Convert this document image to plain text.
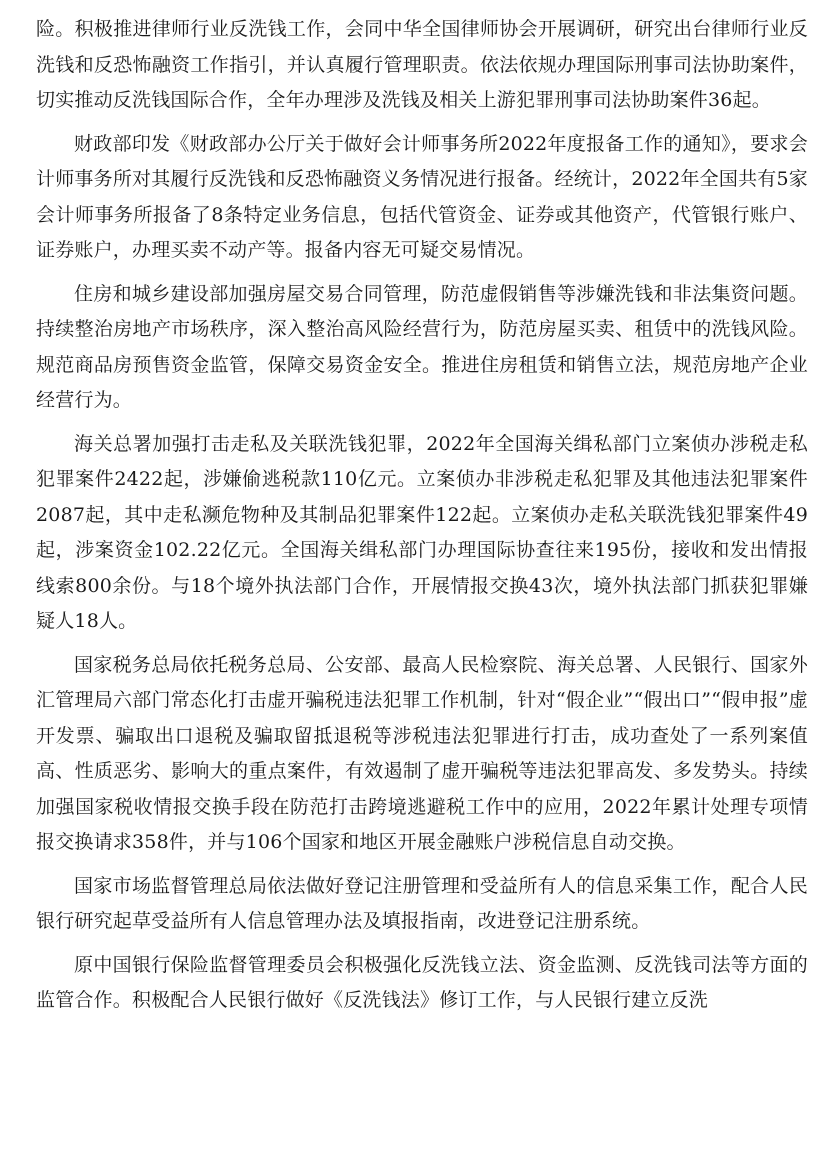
险。积极推进律师行业反洗钱工作，会同中华全国律师协会开展调研，研究出台律师行业反洗钱和反恐怖融资工作指引，并认真履行管理职责。依法依规办理国际刑事司法协助案件，切实推动反洗钱国际合作，全年办理涉及洗钱及相关上游犯罪刑事司法协助案件36起。

财政部印发《财政部办公厅关于做好会计师事务所2022年度报备工作的通知》，要求会计师事务所对其履行反洗钱和反恐怖融资义务情况进行报备。经统计，2022年全国共有5家会计师事务所报备了8条特定业务信息，包括代管资金、证券或其他资产，代管银行账户、证券账户，办理买卖不动产等。报备内容无可疑交易情况。

住房和城乡建设部加强房屋交易合同管理，防范虚假销售等涉嫌洗钱和非法集资问题。持续整治房地产市场秩序，深入整治高风险经营行为，防范房屋买卖、租赁中的洗钱风险。规范商品房预售资金监管，保障交易资金安全。推进住房租赁和销售立法，规范房地产企业经营行为。

海关总署加强打击走私及关联洗钱犯罪，2022年全国海关缉私部门立案侦办涉税走私犯罪案件2422起，涉嫌偷逃税款110亿元。立案侦办非涉税走私犯罪及其他违法犯罪案件2087起，其中走私濒危物种及其制品犯罪案件122起。立案侦办走私关联洗钱犯罪案件49起，涉案资金102.22亿元。全国海关缉私部门办理国际协查往来195份，接收和发出情报线索800余份。与18个境外执法部门合作，开展情报交换43次，境外执法部门抓获犯罪嫌疑人18人。

国家税务总局依托税务总局、公安部、最高人民检察院、海关总署、人民银行、国家外汇管理局六部门常态化打击虚开骗税违法犯罪工作机制，针对“假企业”“假出口”“假申报”虚开发票、骗取出口退税及骗取留抵退税等涉税违法犯罪进行打击，成功查处了一系列案值高、性质恶劣、影响大的重点案件，有效遏制了虚开骗税等违法犯罪高发、多发势头。持续加强国家税收情报交换手段在防范打击跨境逃避税工作中的应用，2022年累计处理专项情报交换请求358件，并与106个国家和地区开展金融账户涉税信息自动交换。

国家市场监督管理总局依法做好登记注册管理和受益所有人的信息采集工作，配合人民银行研究起草受益所有人信息管理办法及填报指南，改进登记注册系统。

原中国银行保险监督管理委员会积极强化反洗钱立法、资金监测、反洗钱司法等方面的监管合作。积极配合人民银行做好《反洗钱法》修订工作，与人民银行建立反洗
